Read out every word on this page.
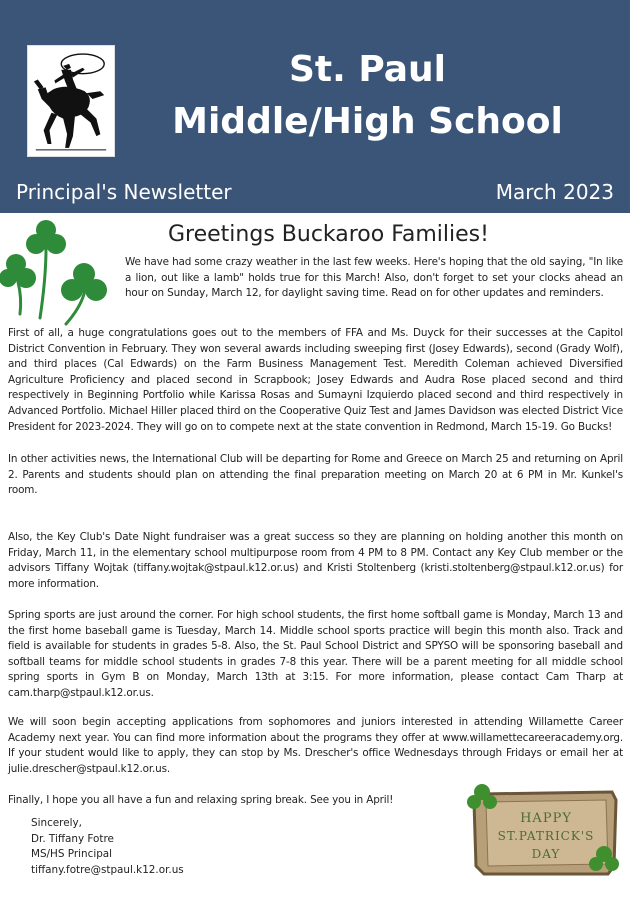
St. Paul
Middle/High School
Principal's Newsletter	March 2023
Greetings Buckaroo Families!

We have had some crazy weather in the last few weeks. Here's hoping that the old saying, "In like a lion, out like a lamb" holds true for this March! Also, don't forget to set your clocks ahead an hour on Sunday, March 12, for daylight saving time. Read on for other updates and reminders.

First of all, a huge congratulations goes out to the members of FFA and Ms. Duyck for their successes at the Capitol District Convention in February. They won several awards including sweeping first (Josey Edwards), second (Grady Wolf), and third places (Cal Edwards) on the Farm Business Management Test. Meredith Coleman achieved Diversified Agriculture Proficiency and placed second in Scrapbook; Josey Edwards and Audra Rose placed second and third respectively in Beginning Portfolio while Karissa Rosas and Sumayni Izquierdo placed second and third respectively in Advanced Portfolio. Michael Hiller placed third on the Cooperative Quiz Test and James Davidson was elected District Vice President for 2023-2024. They will go on to compete next at the state convention in Redmond, March 15-19. Go Bucks!

In other activities news, the International Club will be departing for Rome and Greece on March 25 and returning on April 2. Parents and students should plan on attending the final preparation meeting on March 20 at 6 PM in Mr. Kunkel's room.

Also, the Key Club's Date Night fundraiser was a great success so they are planning on holding another this month on Friday, March 11, in the elementary school multipurpose room from 4 PM to 8 PM. Contact any Key Club member or the advisors Tiffany Wojtak (tiffany.wojtak@stpaul.k12.or.us) and Kristi Stoltenberg (kristi.stoltenberg@stpaul.k12.or.us) for more information.

Spring sports are just around the corner. For high school students, the first home softball game is Monday, March 13 and the first home baseball game is Tuesday, March 14. Middle school sports practice will begin this month also. Track and field is available for students in grades 5-8. Also, the St. Paul School District and SPYSO will be sponsoring baseball and softball teams for middle school students in grades 7-8 this year. There will be a parent meeting for all middle school spring sports in Gym B on Monday, March 13th at 3:15. For more information, please contact Cam Tharp at cam.tharp@stpaul.k12.or.us.

We will soon begin accepting applications from sophomores and juniors interested in attending Willamette Career Academy next year. You can find more information about the programs they offer at www.willamettecareeracademy.org. If your student would like to apply, they can stop by Ms. Drescher's office Wednesdays through Fridays or email her at julie.drescher@stpaul.k12.or.us.

Finally, I hope you all have a fun and relaxing spring break. See you in April!

Sincerely,
Dr. Tiffany Fotre
MS/HS Principal
tiffany.fotre@stpaul.k12.or.us
HAPPY
ST.PATRICK'S
DAY
